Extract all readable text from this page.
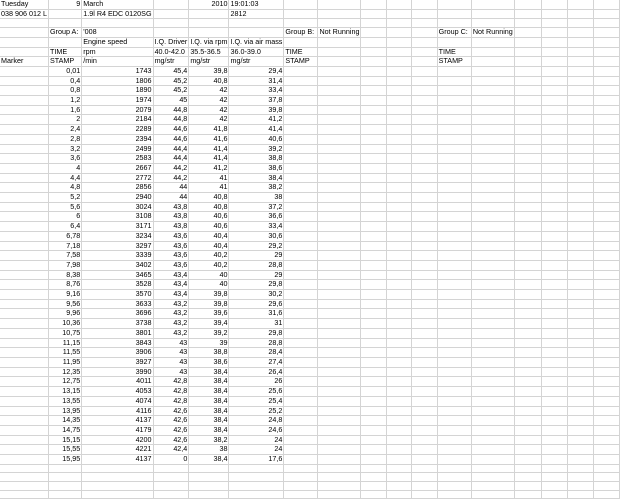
Tuesday	9	March		2010	19:01:03											
038 906 012 L		1.9l R4 EDC 0120SG			2812											

	Group A:	'008				Group B:	Not Running				Group C:	Not Running				
		Engine speed	I.Q. Driver	I.Q. via rpm	I.Q. via air mass											
	TIME	rpm	40.0-42.0	35.5-36.5	36.0-39.0	TIME					TIME					
Marker	STAMP	/min	mg/str	mg/str	mg/str	STAMP					STAMP					
	0,01	1743	45,4	39,8	29,4											
	0,4	1806	45,2	40,8	31,4											
	0,8	1890	45,2	42	33,4											
	1,2	1974	45	42	37,8											
	1,6	2079	44,8	42	39,8											
	2	2184	44,8	42	41,2											
	2,4	2289	44,6	41,8	41,4											
	2,8	2394	44,6	41,6	40,6											
	3,2	2499	44,4	41,4	39,2											
	3,6	2583	44,4	41,4	38,8											
	4	2667	44,2	41,2	38,6											
	4,4	2772	44,2	41	38,4											
	4,8	2856	44	41	38,2											
	5,2	2940	44	40,8	38											
	5,6	3024	43,8	40,8	37,2											
	6	3108	43,8	40,6	36,6											
	6,4	3171	43,8	40,6	33,4											
	6,78	3234	43,6	40,4	30,6											
	7,18	3297	43,6	40,4	29,2											
	7,58	3339	43,6	40,2	29											
	7,98	3402	43,6	40,2	28,8											
	8,38	3465	43,4	40	29											
	8,76	3528	43,4	40	29,8											
	9,16	3570	43,4	39,8	30,2											
	9,56	3633	43,2	39,8	29,6											
	9,96	3696	43,2	39,6	31,6											
	10,36	3738	43,2	39,4	31											
	10,75	3801	43,2	39,2	29,8											
	11,15	3843	43	39	28,8											
	11,55	3906	43	38,8	28,4											
	11,95	3927	43	38,6	27,4											
	12,35	3990	43	38,4	26,4											
	12,75	4011	42,8	38,4	26											
	13,15	4053	42,8	38,4	25,6											
	13,55	4074	42,8	38,4	25,4											
	13,95	4116	42,6	38,4	25,2											
	14,35	4137	42,6	38,4	24,8											
	14,75	4179	42,6	38,4	24,6											
	15,15	4200	42,6	38,2	24											
	15,55	4221	42,4	38	24											
	15,95	4137	0	38,4	17,6											
